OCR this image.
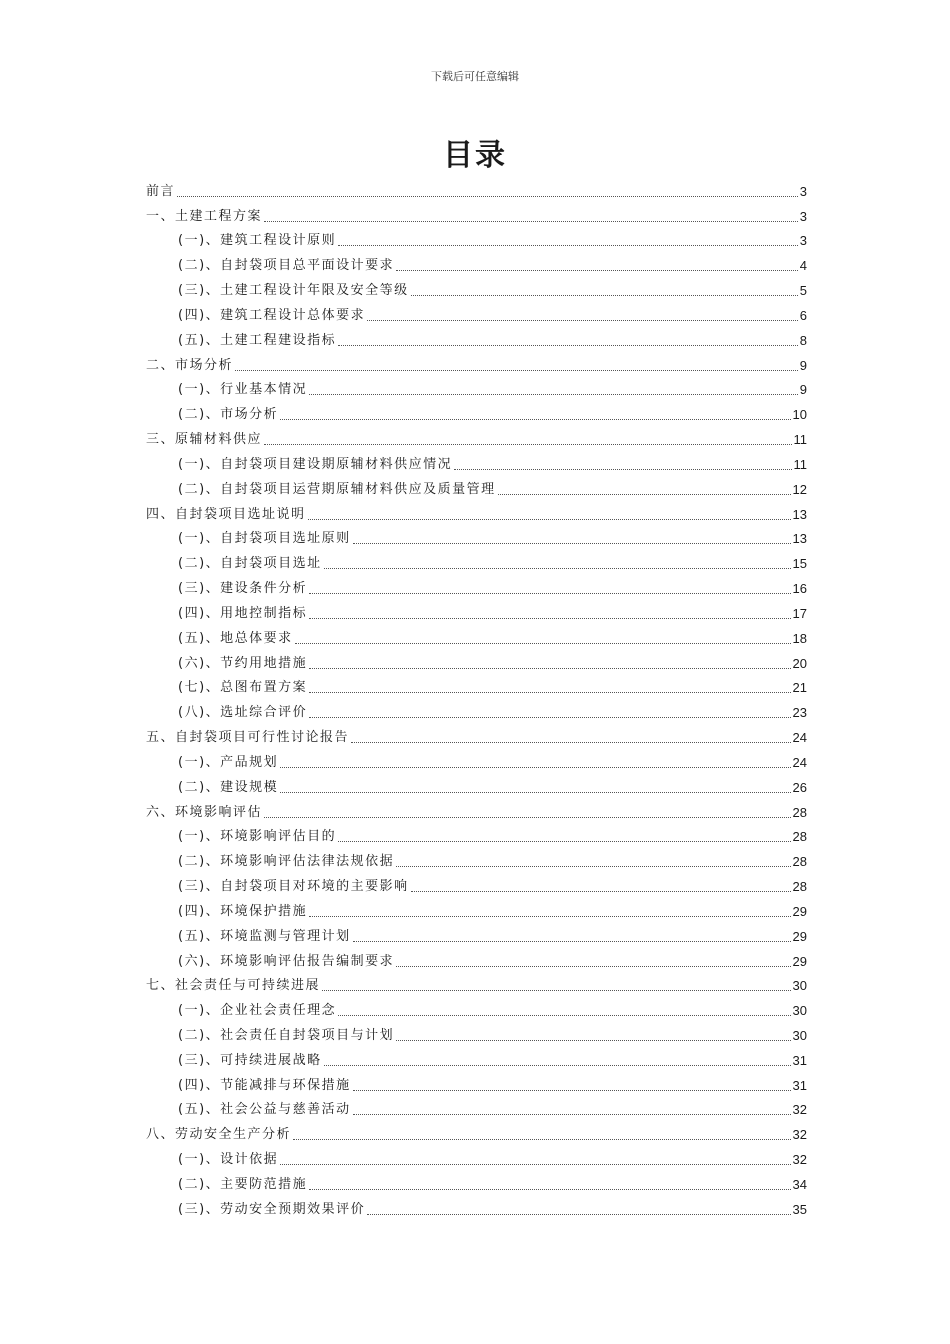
下载后可任意编辑
目录
前言	3
一、土建工程方案	3
(一)、建筑工程设计原则	3
(二)、自封袋项目总平面设计要求	4
(三)、土建工程设计年限及安全等级	5
(四)、建筑工程设计总体要求	6
(五)、土建工程建设指标	8
二、市场分析	9
(一)、行业基本情况	9
(二)、市场分析	10
三、原辅材料供应	11
(一)、自封袋项目建设期原辅材料供应情况	11
(二)、自封袋项目运营期原辅材料供应及质量管理	12
四、自封袋项目选址说明	13
(一)、自封袋项目选址原则	13
(二)、自封袋项目选址	15
(三)、建设条件分析	16
(四)、用地控制指标	17
(五)、地总体要求	18
(六)、节约用地措施	20
(七)、总图布置方案	21
(八)、选址综合评价	23
五、自封袋项目可行性讨论报告	24
(一)、产品规划	24
(二)、建设规模	26
六、环境影响评估	28
(一)、环境影响评估目的	28
(二)、环境影响评估法律法规依据	28
(三)、自封袋项目对环境的主要影响	28
(四)、环境保护措施	29
(五)、环境监测与管理计划	29
(六)、环境影响评估报告编制要求	29
七、社会责任与可持续进展	30
(一)、企业社会责任理念	30
(二)、社会责任自封袋项目与计划	30
(三)、可持续进展战略	31
(四)、节能减排与环保措施	31
(五)、社会公益与慈善活动	32
八、劳动安全生产分析	32
(一)、设计依据	32
(二)、主要防范措施	34
(三)、劳动安全预期效果评价	35
